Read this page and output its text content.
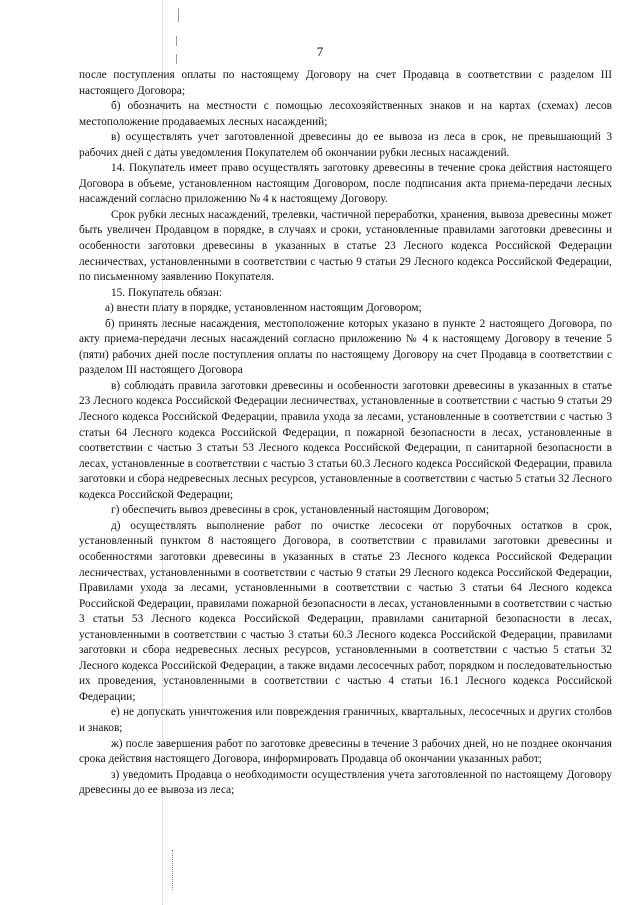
7

после поступления оплаты по настоящему Договору на счет Продавца в соответствии с разделом III настоящего Договора;

б) обозначить на местности с помощью лесохозяйственных знаков и на картах (схемах) лесов местоположение продаваемых лесных насаждений;

в) осуществлять учет заготовленной древесины до ее вывоза из леса в срок, не превышающий 3 рабочих дней с даты уведомления Покупателем об окончании рубки лесных насаждений.

14. Покупатель имеет право осуществлять заготовку древесины в течение срока действия настоящего Договора в объеме, установленном настоящим Договором, после подписания акта приема-передачи лесных насаждений согласно приложению № 4 к настоящему Договору.

Срок рубки лесных насаждений, трелевки, частичной переработки, хранения, вывоза древесины может быть увеличен Продавцом в порядке, в случаях и сроки, установленные правилами заготовки древесины и особенности заготовки древесины в указанных в статье 23 Лесного кодекса Российской Федерации лесничествах, установленными в соответствии с частью 9 статьи 29 Лесного кодекса Российской Федерации, по письменному заявлению Покупателя.

15. Покупатель обязан:

а) внести плату в порядке, установленном настоящим Договором;

б) принять лесные насаждения, местоположение которых указано в пункте 2 настоящего Договора, по акту приема-передачи лесных насаждений согласно приложению № 4 к настоящему Договору в течение 5 (пяти) рабочих дней после поступления оплаты по настоящему Договору на счет Продавца в соответствии с разделом III настоящего Договора

в) соблюдать правила заготовки древесины и особенности заготовки древесины в указанных в статье 23 Лесного кодекса Российской Федерации лесничествах, установленные в соответствии с частью 9 статьи 29 Лесного кодекса Российской Федерации, правила ухода за лесами, установленные в соответствии с частью 3 статьи 64 Лесного кодекса Российской Федерации, п пожарной безопасности в лесах, установленные в соответствии с частью 3 статьи 53 Лесного кодекса Российской Федерации, п санитарной безопасности в лесах, установленные в соответствии с частью 3 статьи 60.3 Лесного кодекса Российской Федерации, правила заготовки и сбора недревесных лесных ресурсов, установленные в соответствии с частью 5 статьи 32 Лесного кодекса Российской Федерации;

г) обеспечить вывоз древесины в срок, установленный настоящим Договором;

д) осуществлять выполнение работ по очистке лесосеки от порубочных остатков в срок, установленный пунктом 8 настоящего Договора, в соответствии с правилами заготовки древесины и особенностями заготовки древесины в указанных в статье 23 Лесного кодекса Российской Федерации лесничествах, установленными в соответствии с частью 9 статьи 29 Лесного кодекса Российской Федерации, Правилами ухода за лесами, установленными в соответствии с частью 3 статьи 64 Лесного кодекса Российской Федерации, правилами пожарной безопасности в лесах, установленными в соответствии с частью 3 статьи 53 Лесного кодекса Российской Федерации, правилами санитарной безопасности в лесах, установленными в соответствии с частью 3 статьи 60.3 Лесного кодекса Российской Федерации, правилами заготовки и сбора недревесных лесных ресурсов, установленными в соответствии с частью 5 статьи 32 Лесного кодекса Российской Федерации, а также видами лесосечных работ, порядком и последовательностью их проведения, установленными в соответствии с частью 4 статьи 16.1 Лесного кодекса Российской Федерации;

е) не допускать уничтожения или повреждения граничных, квартальных, лесосечных и других столбов и знаков;

ж) после завершения работ по заготовке древесины в течение 3 рабочих дней, но не позднее окончания срока действия настоящего Договора, информировать Продавца об окончании указанных работ;

з) уведомить Продавца о необходимости осуществления учета заготовленной по настоящему Договору древесины до ее вывоза из леса;
